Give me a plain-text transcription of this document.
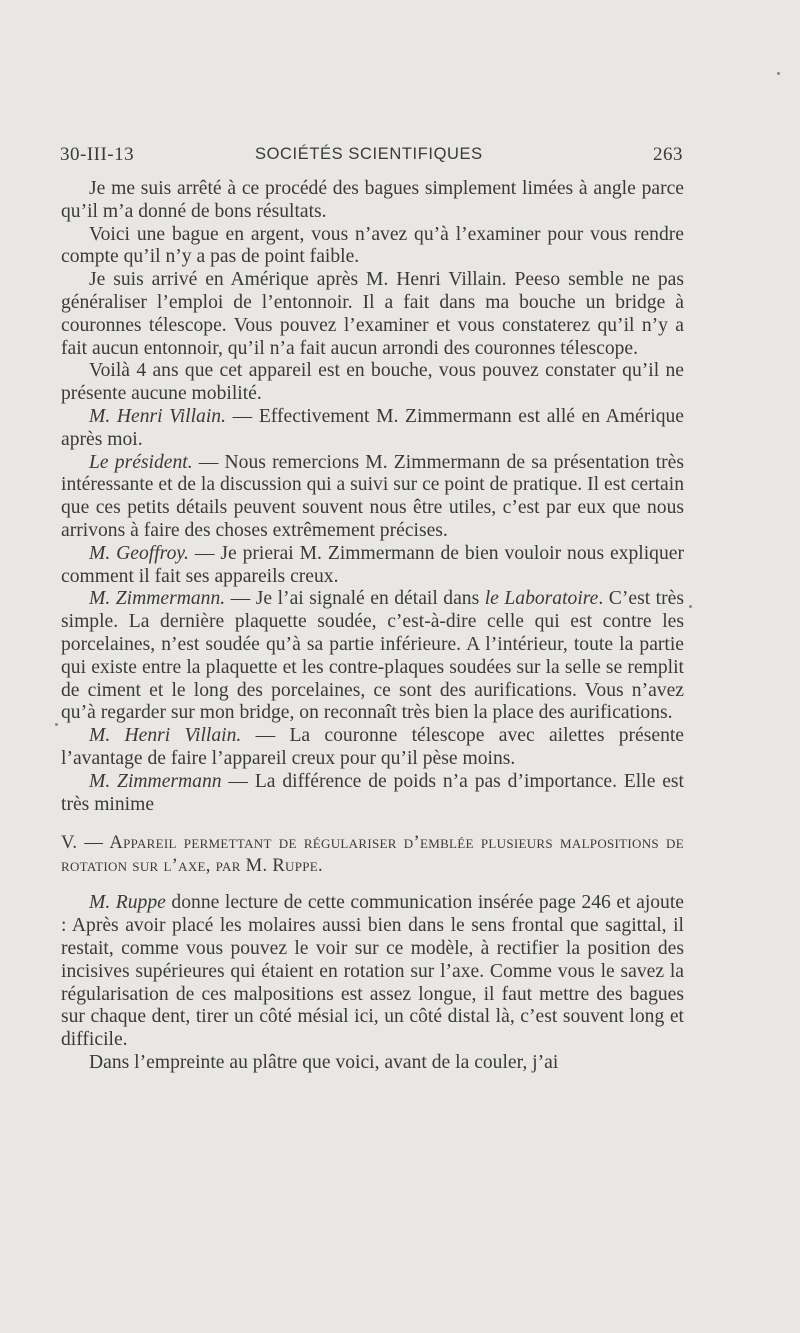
30-III-13	SOCIÉTÉS SCIENTIFIQUES	263

Je me suis arrêté à ce procédé des bagues simplement limées à angle parce qu’il m’a donné de bons résultats.

Voici une bague en argent, vous n’avez qu’à l’examiner pour vous rendre compte qu’il n’y a pas de point faible.

Je suis arrivé en Amérique après M. Henri Villain. Peeso semble ne pas généraliser l’emploi de l’entonnoir. Il a fait dans ma bouche un bridge à couronnes télescope. Vous pouvez l’examiner et vous constaterez qu’il n’y a fait aucun entonnoir, qu’il n’a fait aucun arrondi des couronnes télescope.

Voilà 4 ans que cet appareil est en bouche, vous pouvez constater qu’il ne présente aucune mobilité.

M. Henri Villain. — Effectivement M. Zimmermann est allé en Amérique après moi.

Le président. — Nous remercions M. Zimmermann de sa présentation très intéressante et de la discussion qui a suivi sur ce point de pratique. Il est certain que ces petits détails peuvent souvent nous être utiles, c’est par eux que nous arrivons à faire des choses extrêmement précises.

M. Geoffroy. — Je prierai M. Zimmermann de bien vouloir nous expliquer comment il fait ses appareils creux.

M. Zimmermann. — Je l’ai signalé en détail dans le Laboratoire. C’est très simple. La dernière plaquette soudée, c’est-à-dire celle qui est contre les porcelaines, n’est soudée qu’à sa partie inférieure. A l’intérieur, toute la partie qui existe entre la plaquette et les contre-plaques soudées sur la selle se remplit de ciment et le long des porcelaines, ce sont des aurifications. Vous n’avez qu’à regarder sur mon bridge, on reconnaît très bien la place des aurifications.

M. Henri Villain. — La couronne télescope avec ailettes présente l’avantage de faire l’appareil creux pour qu’il pèse moins.

M. Zimmermann — La différence de poids n’a pas d’importance. Elle est très minime

V. — Appareil permettant de régulariser d’emblée plusieurs malpositions de rotation sur l’axe, par M. Ruppe.

M. Ruppe donne lecture de cette communication insérée page 246 et ajoute : Après avoir placé les molaires aussi bien dans le sens frontal que sagittal, il restait, comme vous pouvez le voir sur ce modèle, à rectifier la position des incisives supérieures qui étaient en rotation sur l’axe. Comme vous le savez la régularisation de ces malpositions est assez longue, il faut mettre des bagues sur chaque dent, tirer un côté mésial ici, un côté distal là, c’est souvent long et difficile.

Dans l’empreinte au plâtre que voici, avant de la couler, j’ai
